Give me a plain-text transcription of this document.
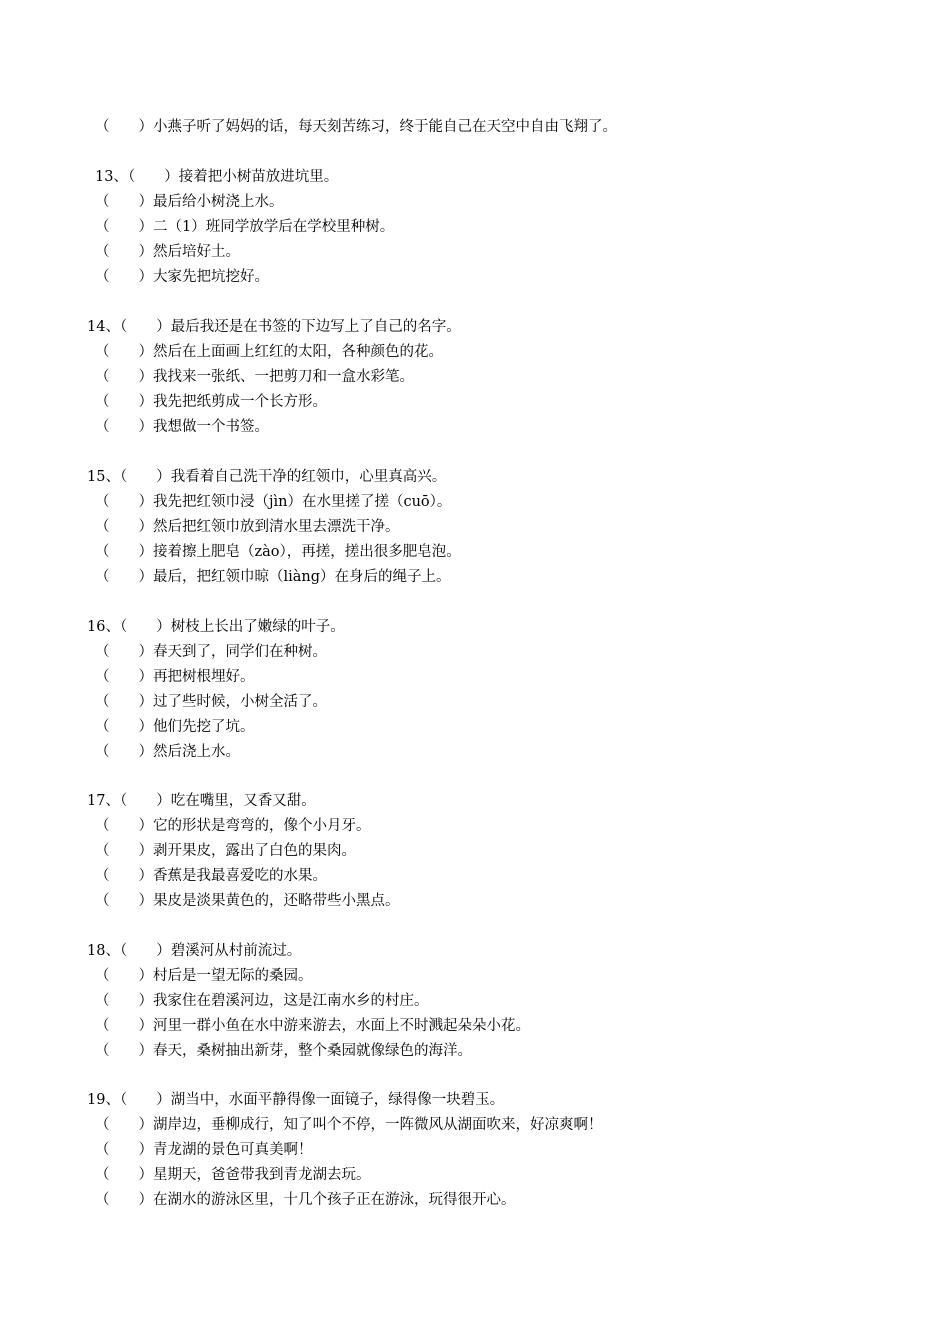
（　　）小燕子听了妈妈的话，每天刻苦练习，终于能自己在天空中自由飞翔了。
13、（　　）接着把小树苗放进坑里。
（　　）最后给小树浇上水。
（　　）二（1）班同学放学后在学校里种树。
（　　）然后培好土。
（　　）大家先把坑挖好。
14、（　　）最后我还是在书签的下边写上了自己的名字。
（　　）然后在上面画上红红的太阳，各种颜色的花。
（　　）我找来一张纸、一把剪刀和一盒水彩笔。
（　　）我先把纸剪成一个长方形。
（　　）我想做一个书签。
15、（　　）我看着自己洗干净的红领巾，心里真高兴。
（　　）我先把红领巾浸（jìn）在水里搓了搓（cuō）。
（　　）然后把红领巾放到清水里去漂洗干净。
（　　）接着擦上肥皂（zào），再搓，搓出很多肥皂泡。
（　　）最后，把红领巾晾（liàng）在身后的绳子上。
16、（　　）树枝上长出了嫩绿的叶子。
（　　）春天到了，同学们在种树。
（　　）再把树根埋好。
（　　）过了些时候，小树全活了。
（　　）他们先挖了坑。
（　　）然后浇上水。
17、（　　）吃在嘴里，又香又甜。
（　　）它的形状是弯弯的，像个小月牙。
（　　）剥开果皮，露出了白色的果肉。
（　　）香蕉是我最喜爱吃的水果。
（　　）果皮是淡果黄色的，还略带些小黑点。
18、（　　）碧溪河从村前流过。
（　　）村后是一望无际的桑园。
（　　）我家住在碧溪河边，这是江南水乡的村庄。
（　　）河里一群小鱼在水中游来游去，水面上不时溅起朵朵小花。
（　　）春天，桑树抽出新芽，整个桑园就像绿色的海洋。
19、（　　）湖当中，水面平静得像一面镜子，绿得像一块碧玉。
（　　）湖岸边，垂柳成行，知了叫个不停，一阵微风从湖面吹来，好凉爽啊！
（　　）青龙湖的景色可真美啊！
（　　）星期天，爸爸带我到青龙湖去玩。
（　　）在湖水的游泳区里，十几个孩子正在游泳，玩得很开心。
